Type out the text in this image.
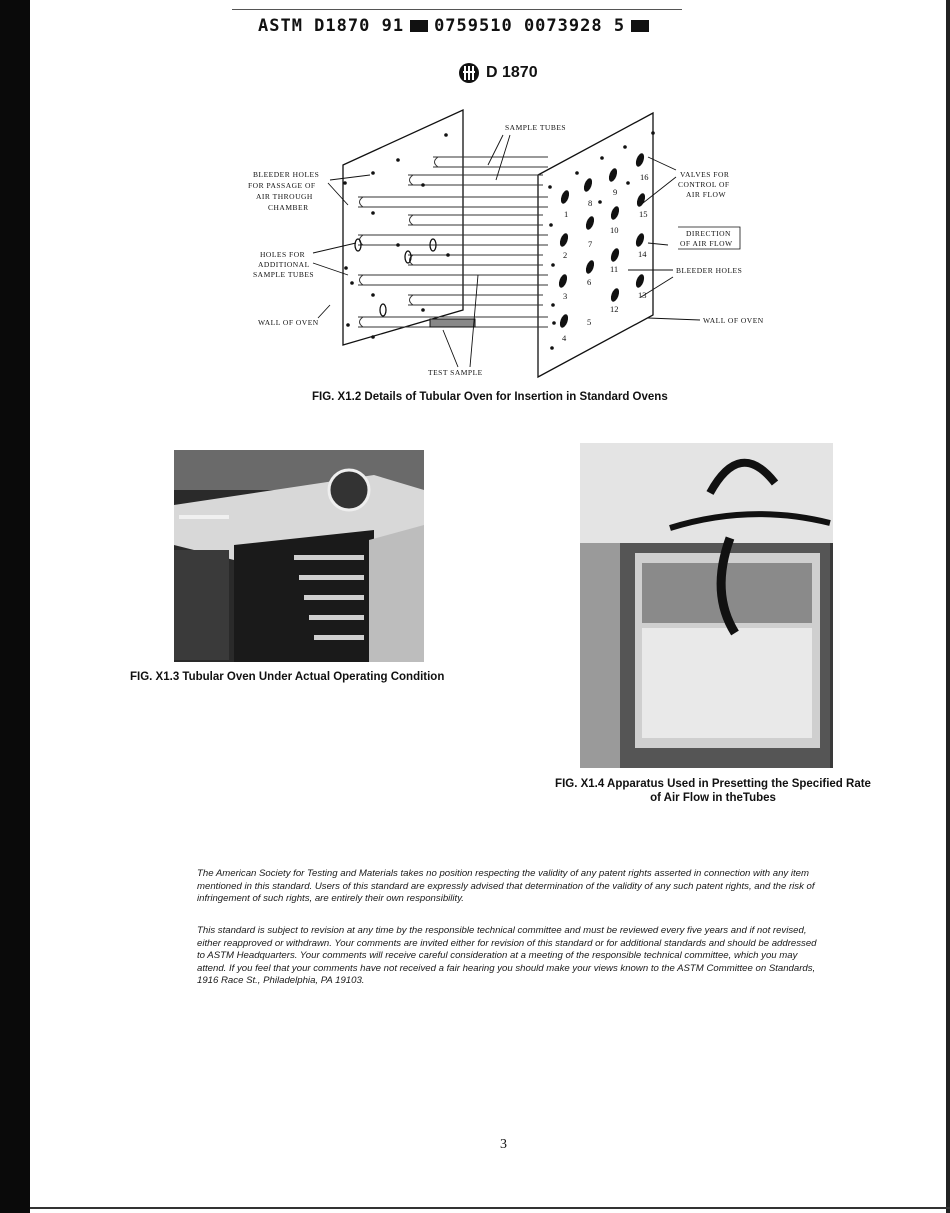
ASTM D1870 91 0759510 0073928 5
D 1870
1
2
3
4
5
6
7
8
9
10
11
12
13
14
15
16
SAMPLE TUBES
BLEEDER HOLES
FOR PASSAGE OF
AIR THROUGH
CHAMBER
HOLES FOR
ADDITIONAL
SAMPLE TUBES
WALL OF OVEN
TEST SAMPLE
VALVES FOR
CONTROL OF
AIR FLOW
DIRECTION
OF AIR FLOW
BLEEDER HOLES
WALL OF OVEN
FIG. X1.2 Details of Tubular Oven for Insertion in Standard Ovens
FIG. X1.3 Tubular Oven Under Actual Operating Condition
FIG. X1.4 Apparatus Used in Presetting the Specified Rate
of Air Flow in theTubes

The American Society for Testing and Materials takes no position respecting the validity of any patent rights asserted in connection with any item mentioned in this standard. Users of this standard are expressly advised that determination of the validity of any such patent rights, and the risk of infringement of such rights, are entirely their own responsibility.

This standard is subject to revision at any time by the responsible technical committee and must be reviewed every five years and if not revised, either reapproved or withdrawn. Your comments are invited either for revision of this standard or for additional standards and should be addressed to ASTM Headquarters. Your comments will receive careful consideration at a meeting of the responsible technical committee, which you may attend. If you feel that your comments have not received a fair hearing you should make your views known to the ASTM Committee on Standards, 1916 Race St., Philadelphia, PA 19103.

3
